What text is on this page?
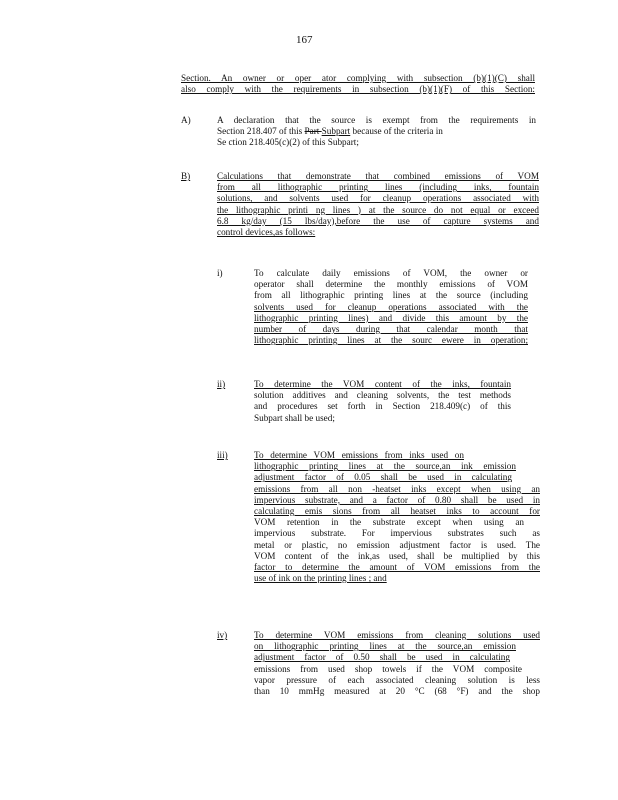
167
Section. An owner or oper ator complying with subsection (b)(1)(C) shall
also comply with the requirements in subsection (b)(1)(F) of this Section:
A)	A declaration that the source is exempt from the requirements in
Section 218.407 of this Part Subpart because of the criteria in
Se ction 218.405(c)(2) of this Subpart;
B)	Calculations that demonstrate that combined emissions of VOM
from all lithographic printing lines (including inks, fountain
solutions, and solvents used for cleanup operations associated with
the lithographic printi ng lines ) at the source do not equal or exceed
6.8 kg/day (15 lbs/day),before the use of capture systems and
control devices,as follows:
i)	To calculate daily emissions of VOM, the owner or
operator shall determine the monthly emissions of VOM
from all lithographic printing lines at the source (including
solvents used for cleanup operations associated with the
lithographic printing lines) and divide this amount by the
number of days during that calendar month that
lithographic printing lines at the sourc ewere in operation;
ii)	To determine the VOM content of the inks, fountain
solution additives and cleaning solvents, the test methods
and procedures set forth in Section 218.409(c) of this
Subpart shall be used;
iii)	To determine VOM emissions from inks used on
lithographic printing lines at the source,an ink emission
adjustment factor of 0.05 shall be used in calculating
emissions from all non -heatset inks except when using an
impervious substrate, and a factor of 0.80 shall be used in
calculating emis sions from all heatset inks to account for
VOM retention in the substrate except when using an
impervious substrate. For impervious substrates such as
metal or plastic, no emission adjustment factor is used. The
VOM content of the ink,as used, shall be multiplied by this
factor to determine the amount of VOM emissions from the
use of ink on the printing lines ; and
iv)	To determine VOM emissions from cleaning solutions used
on lithographic printing lines at the source,an emission
adjustment factor of 0.50 shall be used in calculating
emissions from used shop towels if the VOM composite
vapor pressure of each associated cleaning solution is less
than 10 mmHg measured at 20 °C (68 °F) and the shop
